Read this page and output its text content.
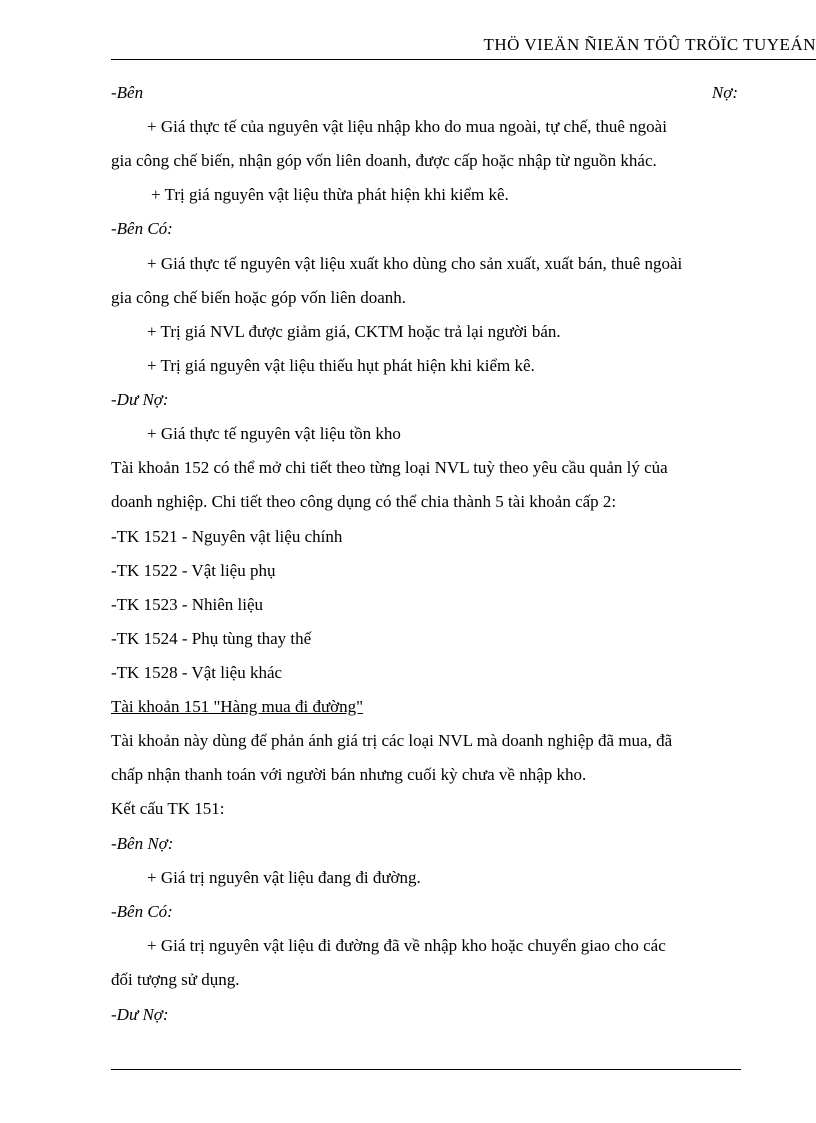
THÖ VIEÄN ÑIEÄN TÖÛ TRÖÏC TUYEÁN
-Bên	Nợ:
+ Giá thực tế của nguyên vật liệu nhập kho do mua ngoài, tự chế, thuê ngoài
gia công chế biến, nhận góp vốn liên doanh, được cấp hoặc nhập từ nguồn khác.
+ Trị giá nguyên vật liệu thừa phát hiện khi kiểm kê.
-Bên Có:
+ Giá thực tế nguyên vật liệu xuất kho dùng cho sản xuất, xuất bán, thuê ngoài
gia công chế biến hoặc góp vốn liên doanh.
+ Trị giá NVL được giảm giá, CKTM hoặc trả lại người bán.
+ Trị giá nguyên vật liệu thiếu hụt phát hiện khi kiểm kê.
-Dư Nợ:
+ Giá thực tế nguyên vật liệu tồn kho
Tài khoản 152 có thể mở chi tiết theo từng loại NVL tuỳ theo yêu cầu quản lý của
doanh nghiệp. Chi tiết theo công dụng có thể chia thành 5 tài khoản cấp 2:
-TK 1521 - Nguyên vật liệu chính
-TK 1522 - Vật liệu phụ
-TK 1523 - Nhiên liệu
-TK 1524 - Phụ tùng thay thế
-TK 1528 - Vật liệu khác
Tài khoản 151 "Hàng mua đi đường"
Tài khoản này dùng để phản ánh giá trị các loại NVL mà doanh nghiệp đã mua, đã
chấp nhận thanh toán với người bán nhưng cuối kỳ chưa về nhập kho.
Kết cấu TK 151:
-Bên Nợ:
+ Giá trị nguyên vật liệu đang đi đường.
-Bên Có:
+ Giá trị nguyên vật liệu đi đường đã về nhập kho hoặc chuyển giao cho các
đối tượng sử dụng.
-Dư Nợ:
